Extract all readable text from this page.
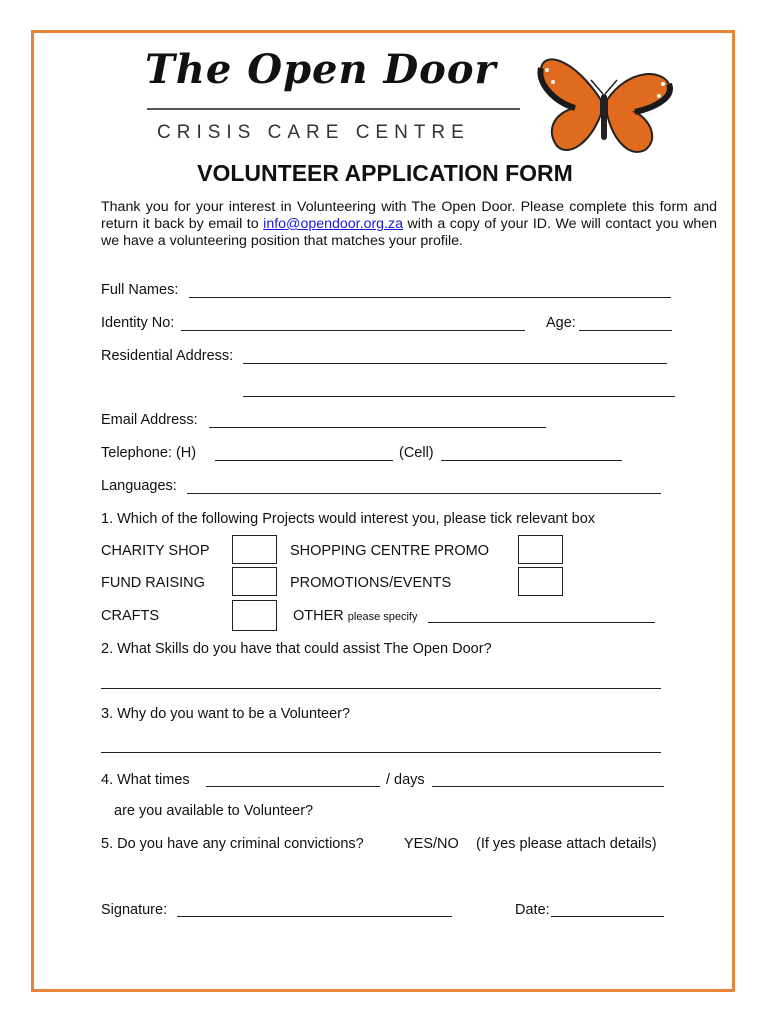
The Open Door
CRISIS CARE CENTRE
VOLUNTEER APPLICATION FORM
Thank you for your interest in Volunteering with The Open Door. Please complete this form and return it back by email to info@opendoor.org.za with a copy of your ID. We will contact you when we have a volunteering position that matches your profile.
Full Names:
Identity No:	Age:
Residential Address:
Email Address:
Telephone: (H)	(Cell)
Languages:
1. Which of the following Projects would interest you, please tick relevant box
CHARITY SHOP	SHOPPING CENTRE PROMO
FUND RAISING	PROMOTIONS/EVENTS
CRAFTS	OTHER please specify
2. What Skills do you have that could assist The Open Door?
3. Why do you want to be a Volunteer?
4. What times	/ days
are you available to Volunteer?
5. Do you have any criminal convictions?	YES/NO (If yes please attach details)
Signature:	Date:
